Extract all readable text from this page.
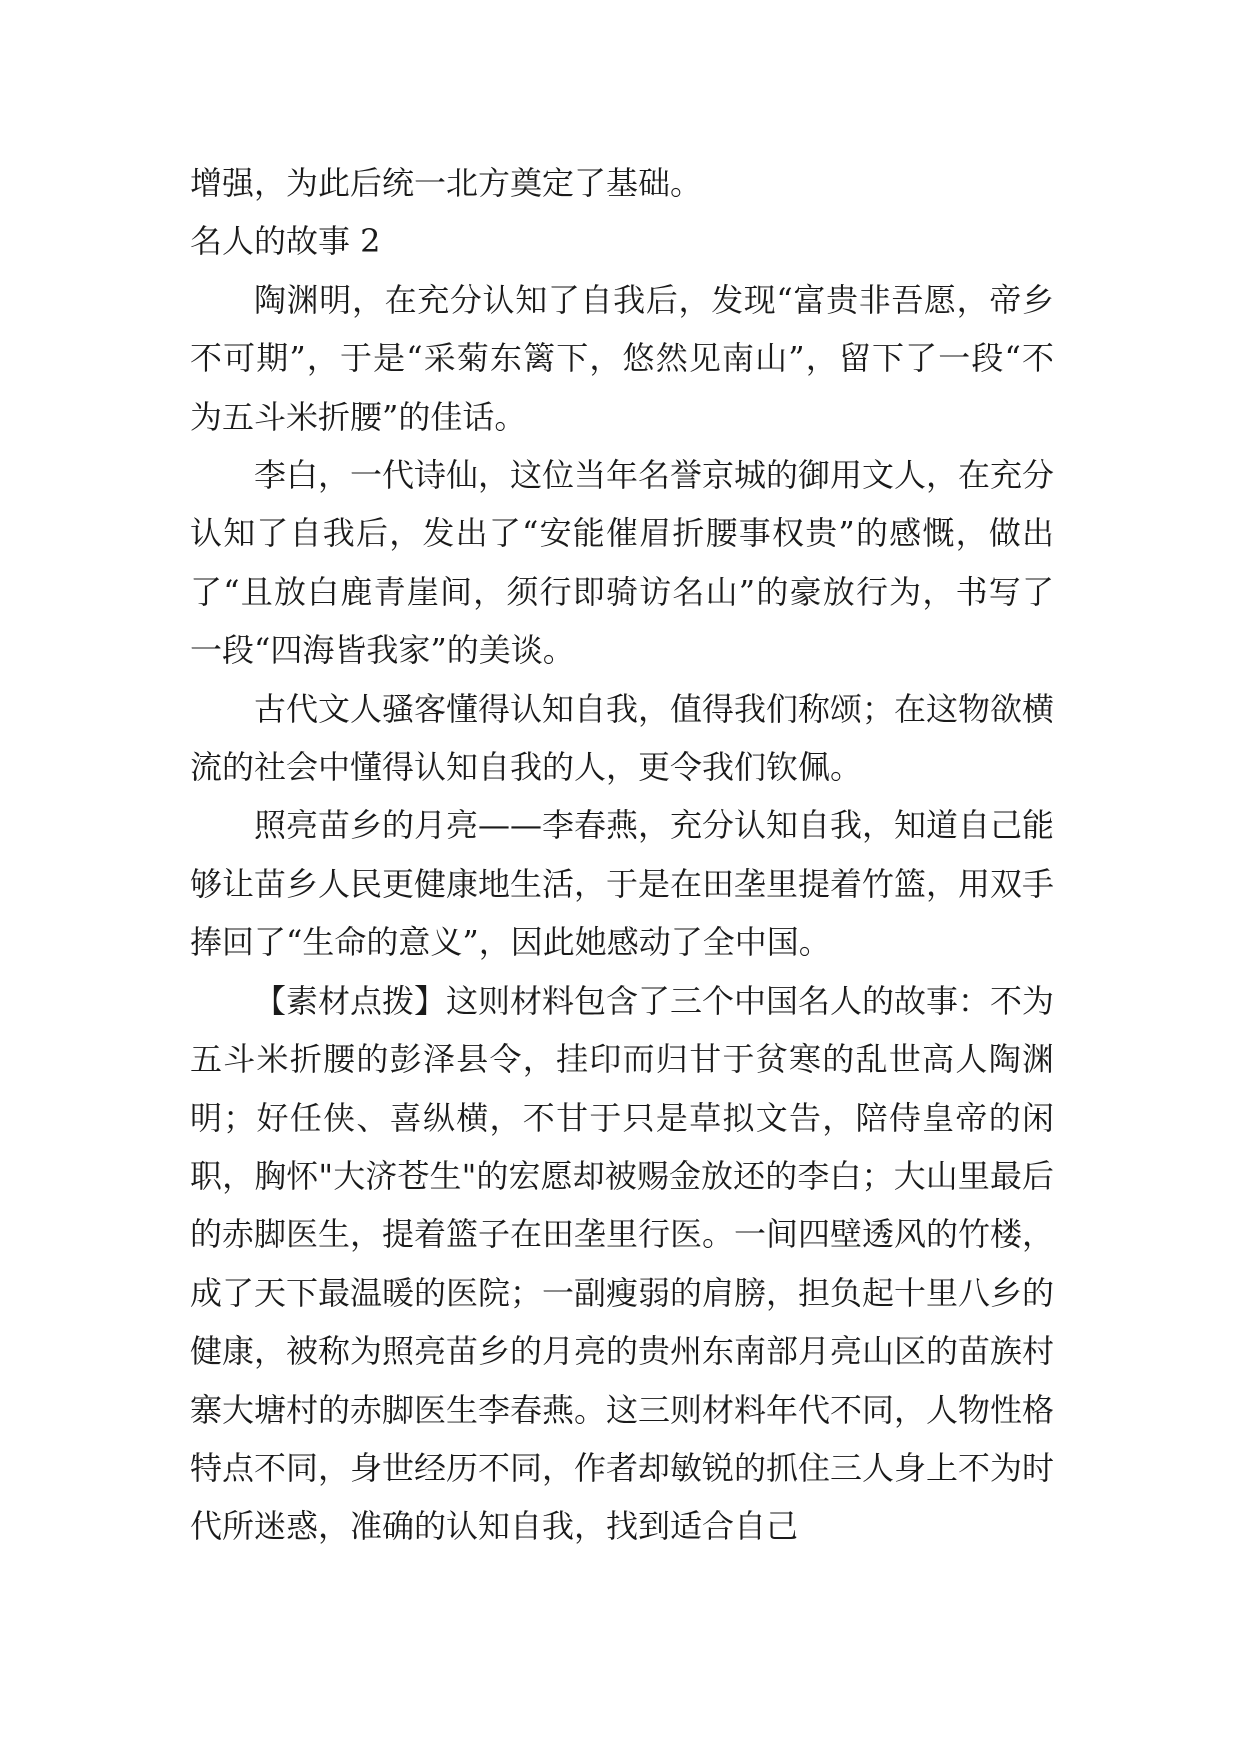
增强，为此后统一北方奠定了基础。

名人的故事 2

陶渊明，在充分认知了自我后，发现“富贵非吾愿，帝乡不可期”，于是“采菊东篱下，悠然见南山”，留下了一段“不为五斗米折腰”的佳话。

李白，一代诗仙，这位当年名誉京城的御用文人，在充分认知了自我后，发出了“安能催眉折腰事权贵”的感慨，做出了“且放白鹿青崖间，须行即骑访名山”的豪放行为，书写了一段“四海皆我家”的美谈。

古代文人骚客懂得认知自我，值得我们称颂；在这物欲横流的社会中懂得认知自我的人，更令我们钦佩。

照亮苗乡的月亮——李春燕，充分认知自我，知道自己能够让苗乡人民更健康地生活，于是在田垄里提着竹篮，用双手捧回了“生命的意义”，因此她感动了全中国。

【素材点拨】这则材料包含了三个中国名人的故事：不为五斗米折腰的彭泽县令，挂印而归甘于贫寒的乱世高人陶渊明；好任侠、喜纵横，不甘于只是草拟文告，陪侍皇帝的闲职，胸怀"大济苍生"的宏愿却被赐金放还的李白；大山里最后的赤脚医生，提着篮子在田垄里行医。一间四壁透风的竹楼，成了天下最温暖的医院；一副瘦弱的肩膀，担负起十里八乡的健康，被称为照亮苗乡的月亮的贵州东南部月亮山区的苗族村寨大塘村的赤脚医生李春燕。这三则材料年代不同，人物性格特点不同，身世经历不同，作者却敏锐的抓住三人身上不为时代所迷惑，准确的认知自我，找到适合自己
